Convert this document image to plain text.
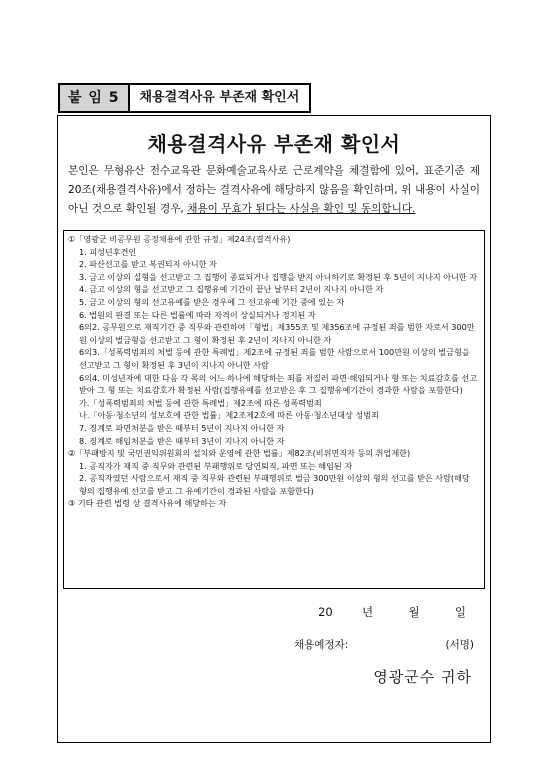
붙 임 5	채용결격사유 부존재 확인서
채용결격사유 부존재 확인서
본인은 무형유산 전수교육관 문화예술교육사로 근로계약을 체결함에 있어, 표준기준 제20조(채용결격사유)에서 정하는 결격사유에 해당하지 않음을 확인하며, 위 내용이 사실이 아닌 것으로 확인될 경우, 채용이 무효가 된다는 사실을 확인 및 동의합니다.
①「영광군 비공무원 공정채용에 관한 규정」제24조(결격사유)
1. 피성년후견인
2. 파산선고를 받고 복권되지 아니한 자
3. 금고 이상의 실형을 선고받고 그 집행이 종료되거나 집행을 받지 아니하기로 확정된 후 5년이 지나지 아니한 자
4. 금고 이상의 형을 선고받고 그 집행유예 기간이 끝난 날부터 2년이 지나지 아니한 자
5. 금고 이상의 형의 선고유예를 받은 경우에 그 선고유예 기간 중에 있는 자
6. 법원의 판결 또는 다른 법률에 따라 자격이 상실되거나 정지된 자
6의2. 공무원으로 재직기간 중 직무와 관련하여「형법」제355조 및 제356조에 규정된 죄를 범한 자로서 300만원 이상의 벌금형을 선고받고 그 형이 확정된 후 2년이 지나지 아니한 자
6의3.「성폭력범죄의 처벌 등에 관한 특례법」제2조에 규정된 죄를 범한 사람으로서 100만원 이상의 벌금형을 선고받고 그 형이 확정된 후 3년이 지나지 아니한 사람
6의4. 미성년자에 대한 다음 각 목의 어느 하나에 해당하는 죄를 저질러 파면·해임되거나 형 또는 치료감호를 선고받아 그 형 또는 치료감호가 확정된 사람(집행유예를 선고받은 후 그 집행유예기간이 경과한 사람을 포함한다)
가.「성폭력범죄의 처벌 등에 관한 특례법」제2조에 따른 성폭력범죄
나.「아동·청소년의 성보호에 관한 법률」제2조제2호에 따른 아동·청소년대상 성범죄
7. 징계로 파면처분을 받은 때부터 5년이 지나지 아니한 자
8. 징계로 해임처분을 받은 때부터 3년이 지나지 아니한 자
②「부패방지 및 국민권익위원회의 설치와 운영에 관한 법률」제82조(비위면직자 등의 취업제한)
1. 공직자가 재직 중 직무와 관련된 부패행위로 당연퇴직, 파면 또는 해임된 자
2. 공직자였던 사람으로서 재직 중 직무와 관련된 부패행위로 벌금 300만원 이상의 형의 선고를 받은 사람(해당 형의 집행유예 선고를 받고 그 유예기간이 경과된 사람을 포함한다)
③ 기타 관련 법령 상 결격사유에 해당하는 자
20	년	월	일
채용예정자:	(서명)
영광군수 귀하
